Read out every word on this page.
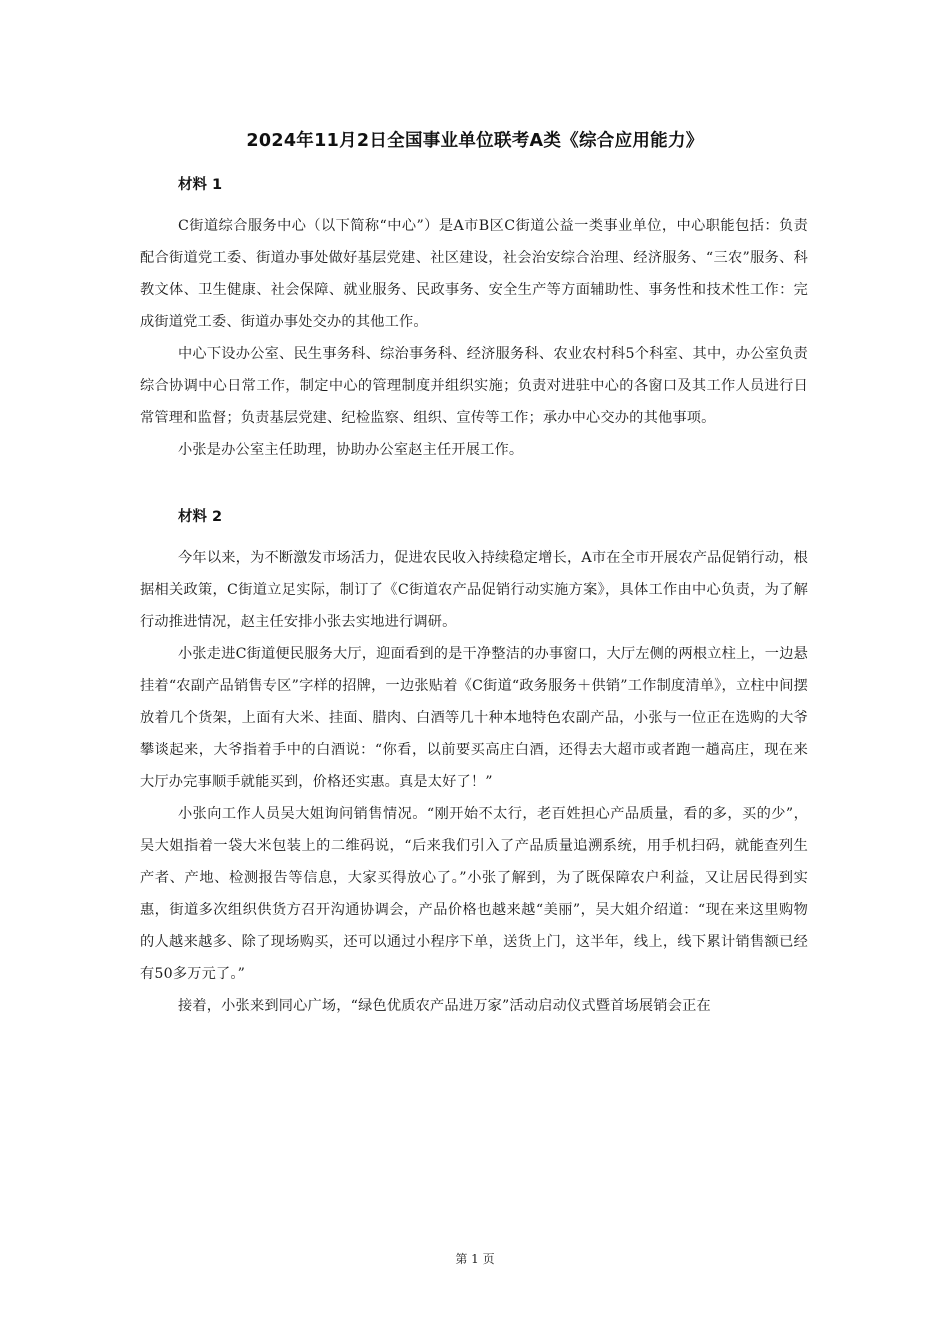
2024年11月2日全国事业单位联考A类《综合应用能力》
材料 1

C街道综合服务中心（以下简称“中心”）是A市B区C街道公益一类事业单位，中心职能包括：负责配合街道党工委、街道办事处做好基层党建、社区建设，社会治安综合治理、经济服务、“三农”服务、科教文体、卫生健康、社会保障、就业服务、民政事务、安全生产等方面辅助性、事务性和技术性工作：完成街道党工委、街道办事处交办的其他工作。

中心下设办公室、民生事务科、综治事务科、经济服务科、农业农村科5个科室、其中，办公室负责综合协调中心日常工作，制定中心的管理制度并组织实施；负责对进驻中心的各窗口及其工作人员进行日常管理和监督；负责基层党建、纪检监察、组织、宣传等工作；承办中心交办的其他事项。

小张是办公室主任助理，协助办公室赵主任开展工作。

材料 2

今年以来，为不断激发市场活力，促进农民收入持续稳定增长，A市在全市开展农产品促销行动，根据相关政策，C街道立足实际，制订了《C街道农产品促销行动实施方案》，具体工作由中心负责，为了解行动推进情况，赵主任安排小张去实地进行调研。

小张走进C街道便民服务大厅，迎面看到的是干净整洁的办事窗口，大厅左侧的两根立柱上，一边悬挂着“农副产品销售专区”字样的招牌，一边张贴着《C街道“政务服务＋供销”工作制度清单》，立柱中间摆放着几个货架，上面有大米、挂面、腊肉、白酒等几十种本地特色农副产品，小张与一位正在选购的大爷攀谈起来，大爷指着手中的白酒说：“你看，以前要买高庄白酒，还得去大超市或者跑一趟高庄，现在来大厅办完事顺手就能买到，价格还实惠。真是太好了！”

小张向工作人员吴大姐询问销售情况。“刚开始不太行，老百姓担心产品质量，看的多，买的少”，吴大姐指着一袋大米包装上的二维码说，“后来我们引入了产品质量追溯系统，用手机扫码，就能查列生产者、产地、检测报告等信息，大家买得放心了。”小张了解到，为了既保障农户利益，又让居民得到实惠，街道多次组织供货方召开沟通协调会，产品价格也越来越“美丽”，吴大姐介绍道：“现在来这里购物的人越来越多、除了现场购买，还可以通过小程序下单，送货上门，这半年，线上，线下累计销售额已经有50多万元了。”

接着，小张来到同心广场，“绿色优质农产品进万家”活动启动仪式暨首场展销会正在

第 1 页
